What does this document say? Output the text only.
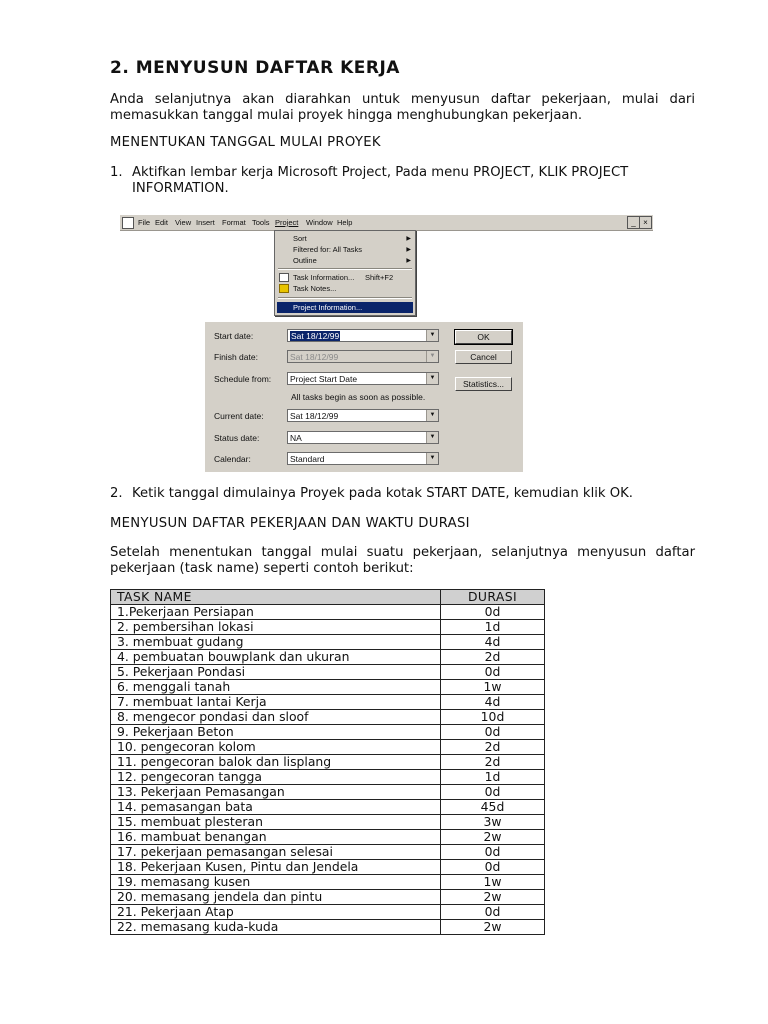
2. MENYUSUN DAFTAR KERJA
Anda selanjutnya akan diarahkan untuk menyusun daftar pekerjaan, mulai dari memasukkan tanggal mulai proyek hingga menghubungkan pekerjaan.
MENENTUKAN TANGGAL MULAI PROYEK
1. Aktifkan lembar kerja Microsoft Project, Pada menu PROJECT, KLIK PROJECT INFORMATION.
File Edit View Insert Format Tools Project Window Help	_ ×
Sort	▶
Filtered for: All Tasks	▶
Outline	▶
Task Information... Shift+F2
Task Notes...
Project Information...
Start date:	Sat 18/12/99	▼
Finish date:	Sat 18/12/99	▼
Schedule from: Project Start Date	▼
All tasks begin as soon as possible.
Current date:	Sat 18/12/99	▼
Status date:	NA	▼
Calendar:	Standard	▼
OK
Cancel
Statistics...
2. Ketik tanggal dimulainya Proyek pada kotak START DATE, kemudian klik OK.
MENYUSUN DAFTAR PEKERJAAN DAN WAKTU DURASI
Setelah menentukan tanggal mulai suatu pekerjaan, selanjutnya menyusun daftar pekerjaan (task name) seperti contoh berikut:
TASK NAME	DURASI
1.Pekerjaan Persiapan	0d
2. pembersihan lokasi	1d
3. membuat gudang	4d
4. pembuatan bouwplank dan ukuran	2d
5. Pekerjaan Pondasi	0d
6. menggali tanah	1w
7. membuat lantai Kerja	4d
8. mengecor pondasi dan sloof	10d
9. Pekerjaan Beton	0d
10. pengecoran kolom	2d
11. pengecoran balok dan lisplang	2d
12. pengecoran tangga	1d
13. Pekerjaan Pemasangan	0d
14. pemasangan bata	45d
15. membuat plesteran	3w
16. mambuat benangan	2w
17. pekerjaan pemasangan selesai	0d
18. Pekerjaan Kusen, Pintu dan Jendela	0d
19. memasang kusen	1w
20. memasang jendela dan pintu	2w
21. Pekerjaan Atap	0d
22. memasang kuda-kuda	2w
